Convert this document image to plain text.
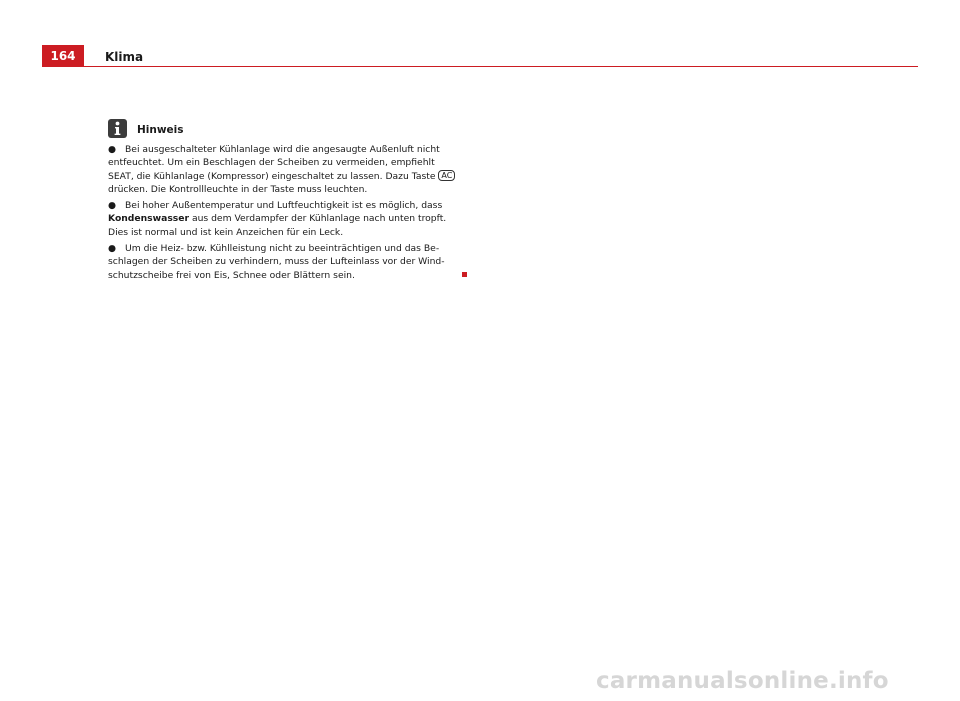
164	Klima
Hinweis
● Bei ausgeschalteter Kühlanlage wird die angesaugte Außenluft nicht
entfeuchtet. Um ein Beschlagen der Scheiben zu vermeiden, empfiehlt
SEAT, die Kühlanlage (Kompressor) eingeschaltet zu lassen. Dazu Taste AC
drücken. Die Kontrollleuchte in der Taste muss leuchten.
● Bei hoher Außentemperatur und Luftfeuchtigkeit ist es möglich, dass
Kondenswasser aus dem Verdampfer der Kühlanlage nach unten tropft.
Dies ist normal und ist kein Anzeichen für ein Leck.
● Um die Heiz- bzw. Kühlleistung nicht zu beeinträchtigen und das Be-
schlagen der Scheiben zu verhindern, muss der Lufteinlass vor der Wind-
schutzscheibe frei von Eis, Schnee oder Blättern sein.
carmanualsonline.info
